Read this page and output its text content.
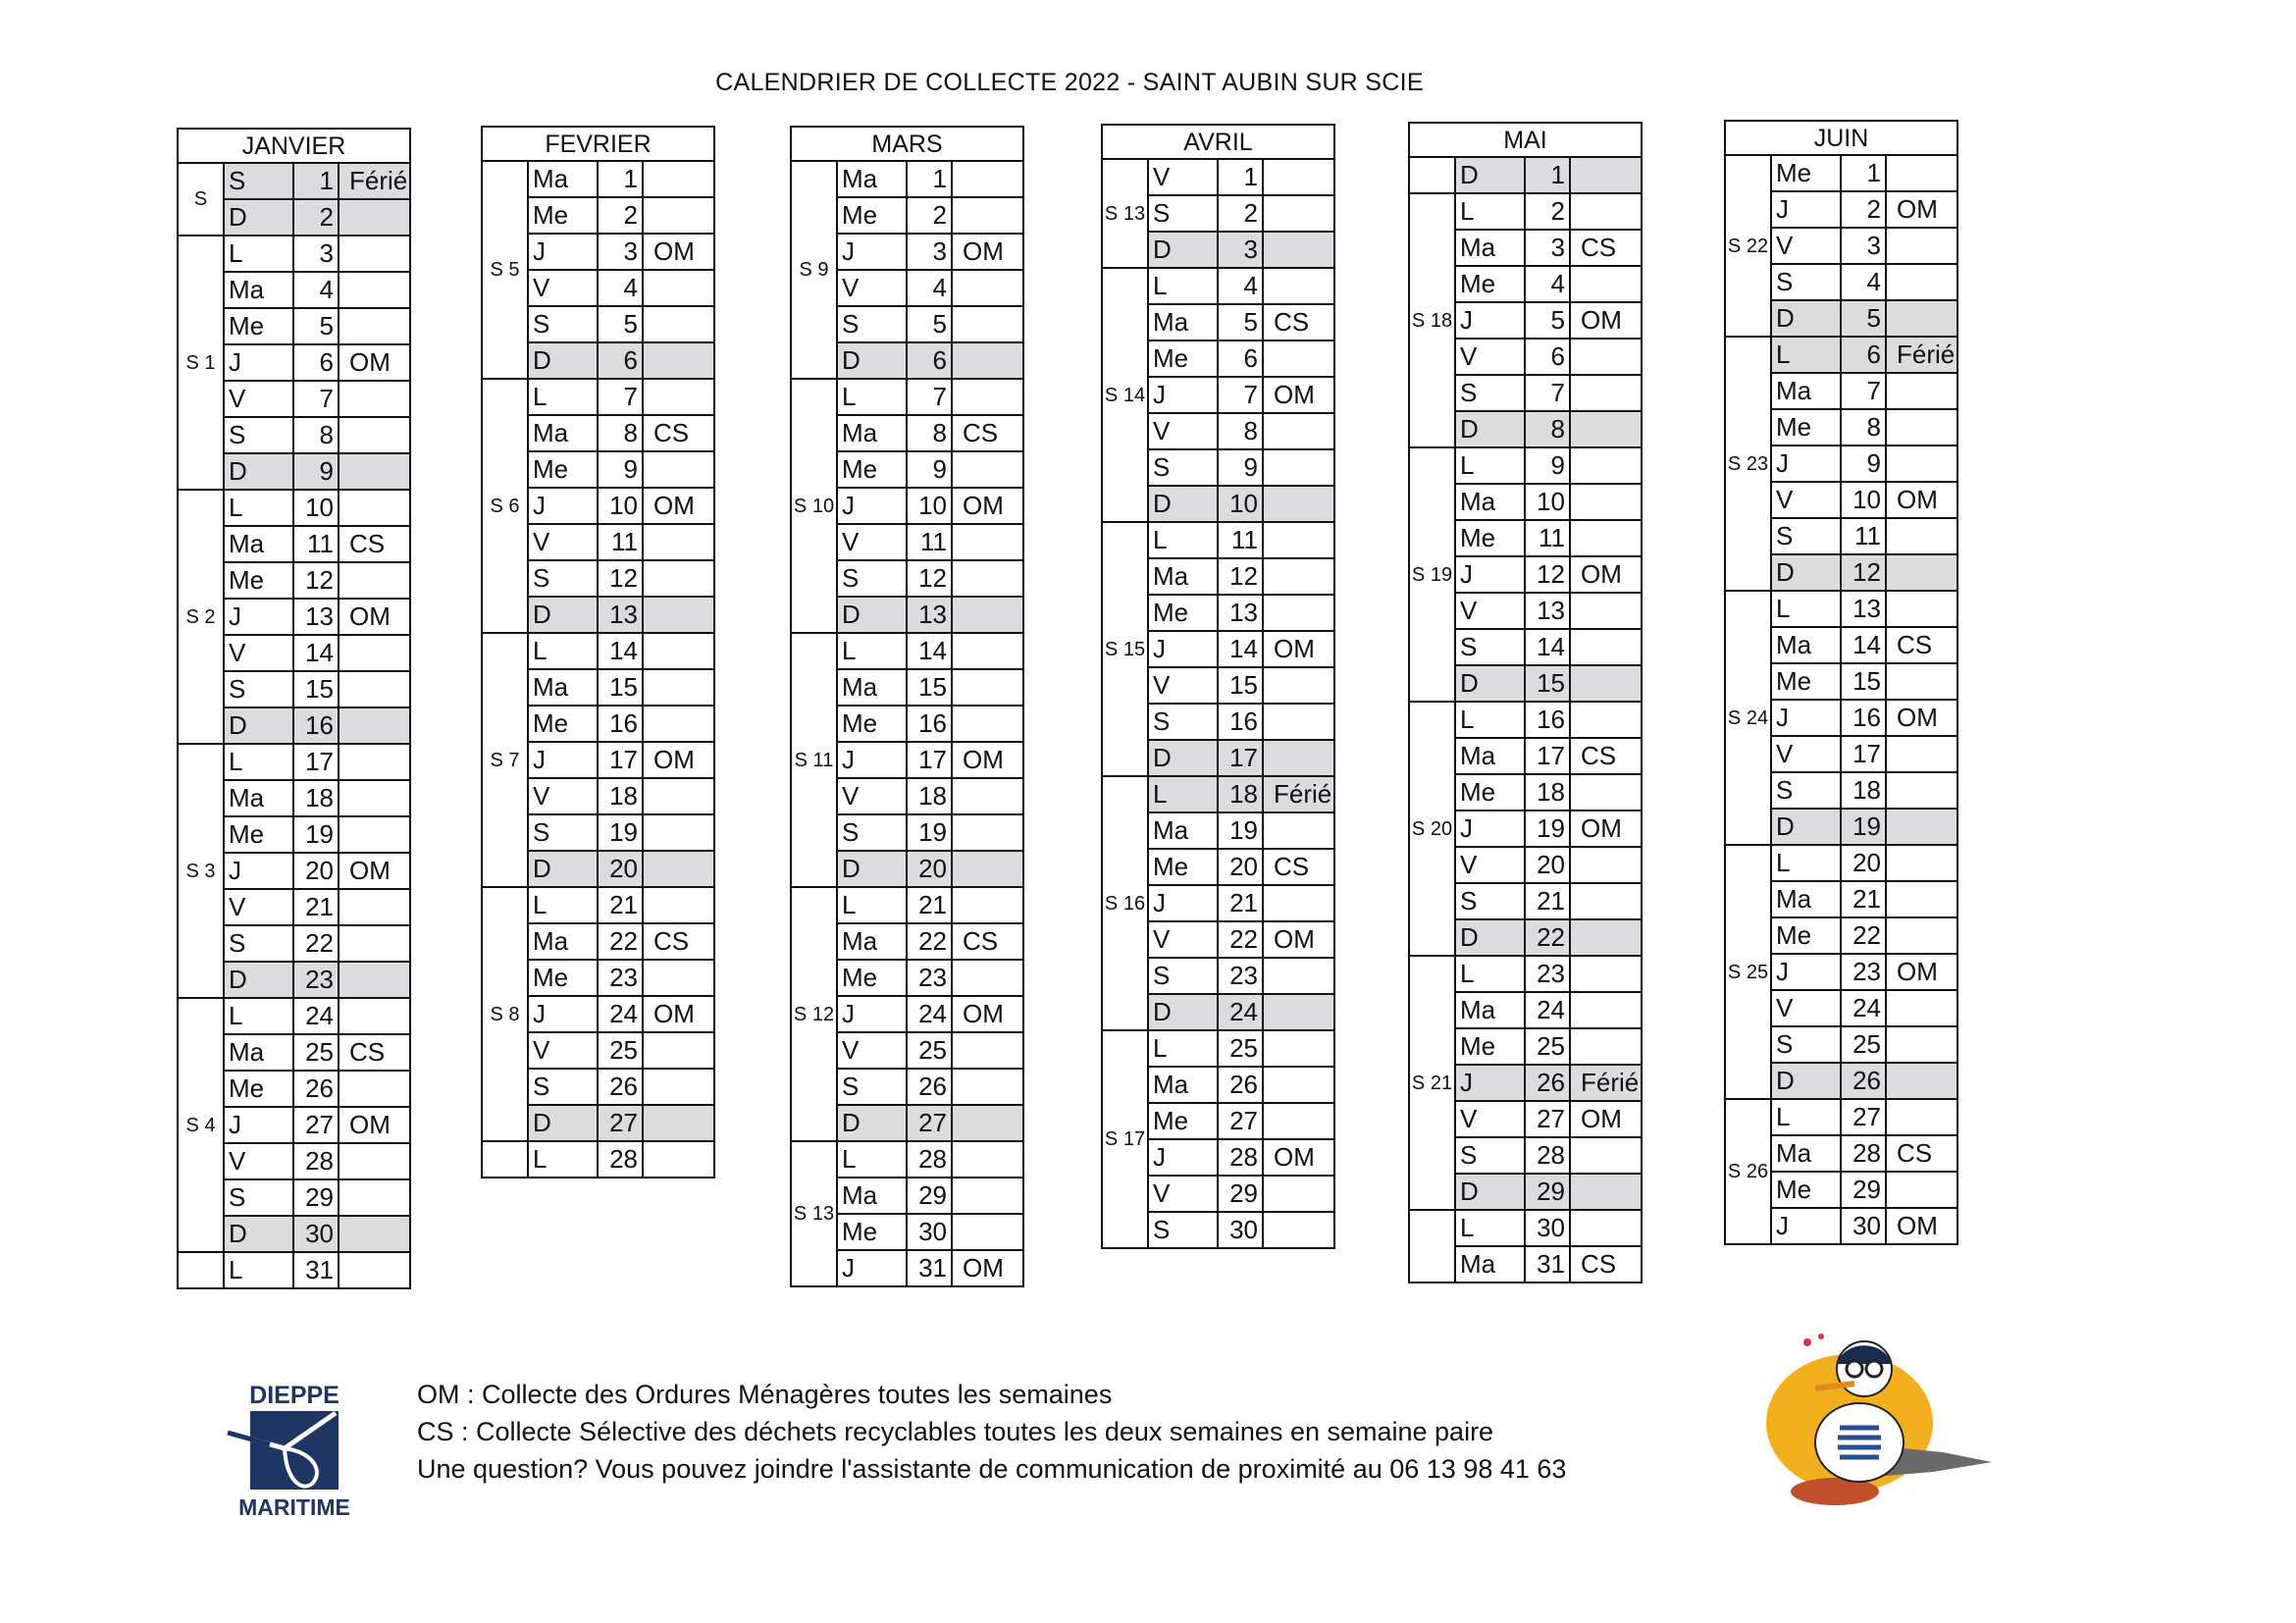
CALENDRIER DE COLLECTE 2022 - SAINT AUBIN SUR SCIE
JANVIER
S	S	1	Férié
	D	2	
S 1	L	3	
	Ma	4	
	Me	5	
	J	6	OM
	V	7	
	S	8	
	D	9	
S 2	L	10	
	Ma	11	CS
	Me	12	
	J	13	OM
	V	14	
	S	15	
	D	16	
S 3	L	17	
	Ma	18	
	Me	19	
	J	20	OM
	V	21	
	S	22	
	D	23	
S 4	L	24	
	Ma	25	CS
	Me	26	
	J	27	OM
	V	28	
	S	29	
	D	30	
	L	31	
FEVRIER
S 5	Ma	1	
	Me	2	
	J	3	OM
	V	4	
	S	5	
	D	6	
S 6	L	7	
	Ma	8	CS
	Me	9	
	J	10	OM
	V	11	
	S	12	
	D	13	
S 7	L	14	
	Ma	15	
	Me	16	
	J	17	OM
	V	18	
	S	19	
	D	20	
S 8	L	21	
	Ma	22	CS
	Me	23	
	J	24	OM
	V	25	
	S	26	
	D	27	
	L	28	
MARS
S 9	Ma	1	
	Me	2	
	J	3	OM
	V	4	
	S	5	
	D	6	
S 10	L	7	
	Ma	8	CS
	Me	9	
	J	10	OM
	V	11	
	S	12	
	D	13	
S 11	L	14	
	Ma	15	
	Me	16	
	J	17	OM
	V	18	
	S	19	
	D	20	
S 12	L	21	
	Ma	22	CS
	Me	23	
	J	24	OM
	V	25	
	S	26	
	D	27	
S 13	L	28	
	Ma	29	
	Me	30	
	J	31	OM
AVRIL
S 13	V	1	
	S	2	
	D	3	
S 14	L	4	
	Ma	5	CS
	Me	6	
	J	7	OM
	V	8	
	S	9	
	D	10	
S 15	L	11	
	Ma	12	
	Me	13	
	J	14	OM
	V	15	
	S	16	
	D	17	
S 16	L	18	Férié
	Ma	19	
	Me	20	CS
	J	21	
	V	22	OM
	S	23	
	D	24	
S 17	L	25	
	Ma	26	
	Me	27	
	J	28	OM
	V	29	
	S	30	
MAI
	D	1	
S 18	L	2	
	Ma	3	CS
	Me	4	
	J	5	OM
	V	6	
	S	7	
	D	8	
S 19	L	9	
	Ma	10	
	Me	11	
	J	12	OM
	V	13	
	S	14	
	D	15	
S 20	L	16	
	Ma	17	CS
	Me	18	
	J	19	OM
	V	20	
	S	21	
	D	22	
S 21	L	23	
	Ma	24	
	Me	25	
	J	26	Férié
	V	27	OM
	S	28	
	D	29	
	L	30	
	Ma	31	CS
JUIN
S 22	Me	1	
	J	2	OM
	V	3	
	S	4	
	D	5	
S 23	L	6	Férié
	Ma	7	
	Me	8	
	J	9	
	V	10	OM
	S	11	
	D	12	
S 24	L	13	
	Ma	14	CS
	Me	15	
	J	16	OM
	V	17	
	S	18	
	D	19	
S 25	L	20	
	Ma	21	
	Me	22	
	J	23	OM
	V	24	
	S	25	
	D	26	
S 26	L	27	
	Ma	28	CS
	Me	29	
	J	30	OM
DIEPPE
MARITIME
OM : Collecte des Ordures Ménagères toutes les semaines
CS : Collecte Sélective des déchets recyclables toutes les deux semaines en semaine paire
Une question? Vous pouvez joindre l'assistante de communication de proximité au 06 13 98 41 63
